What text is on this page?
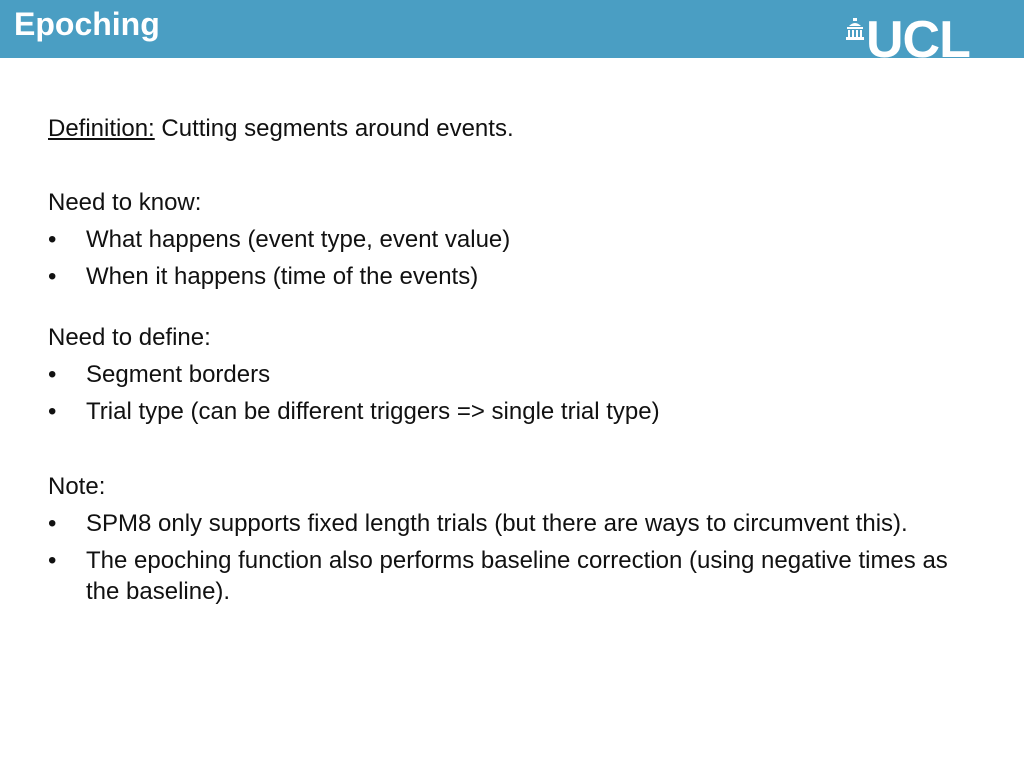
Epoching	UCL

Definition: Cutting segments around events.

Need to know:

• What happens (event type, event value)
• When it happens (time of the events)

Need to define:

• Segment borders
• Trial type (can be different triggers => single trial type)

Note:

• SPM8 only supports fixed length trials (but there are ways to circumvent this).
• The epoching function also performs baseline correction (using negative times as the baseline).
